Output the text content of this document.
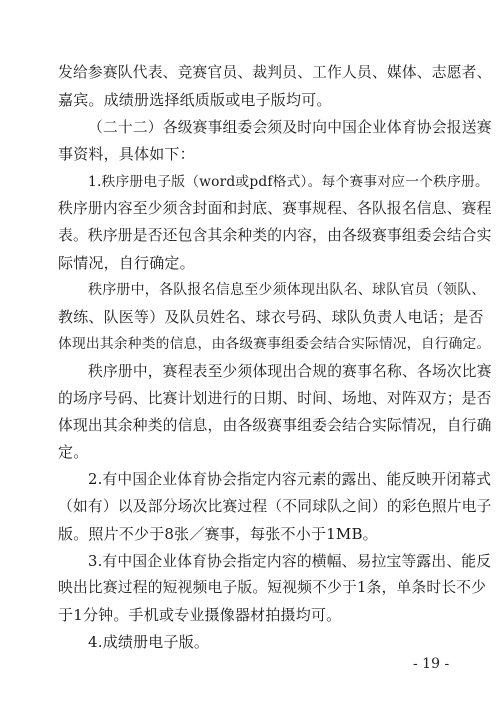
发给参赛队代表、竞赛官员、裁判员、工作人员、媒体、志愿者、
嘉宾。成绩册选择纸质版或电子版均可。
（二十二）各级赛事组委会须及时向中国企业体育协会报送赛
事资料，具体如下：
1.秩序册电子版（word或pdf格式）。每个赛事对应一个秩序册。
秩序册内容至少须含封面和封底、赛事规程、各队报名信息、赛程
表。秩序册是否还包含其余种类的内容，由各级赛事组委会结合实
际情况，自行确定。
秩序册中，各队报名信息至少须体现出队名、球队官员（领队、
教练、队医等）及队员姓名、球衣号码、球队负责人电话；是否
体现出其余种类的信息，由各级赛事组委会结合实际情况，自行确定。
秩序册中，赛程表至少须体现出合规的赛事名称、各场次比赛
的场序号码、比赛计划进行的日期、时间、场地、对阵双方；是否
体现出其余种类的信息，由各级赛事组委会结合实际情况，自行确
定。
2.有中国企业体育协会指定内容元素的露出、能反映开闭幕式
（如有）以及部分场次比赛过程（不同球队之间）的彩色照片电子
版。照片不少于8张／赛事，每张不小于1MB。
3.有中国企业体育协会指定内容的横幅、易拉宝等露出、能反
映出比赛过程的短视频电子版。短视频不少于1条，单条时长不少
于1分钟。手机或专业摄像器材拍摄均可。
4.成绩册电子版。
- 19 -
